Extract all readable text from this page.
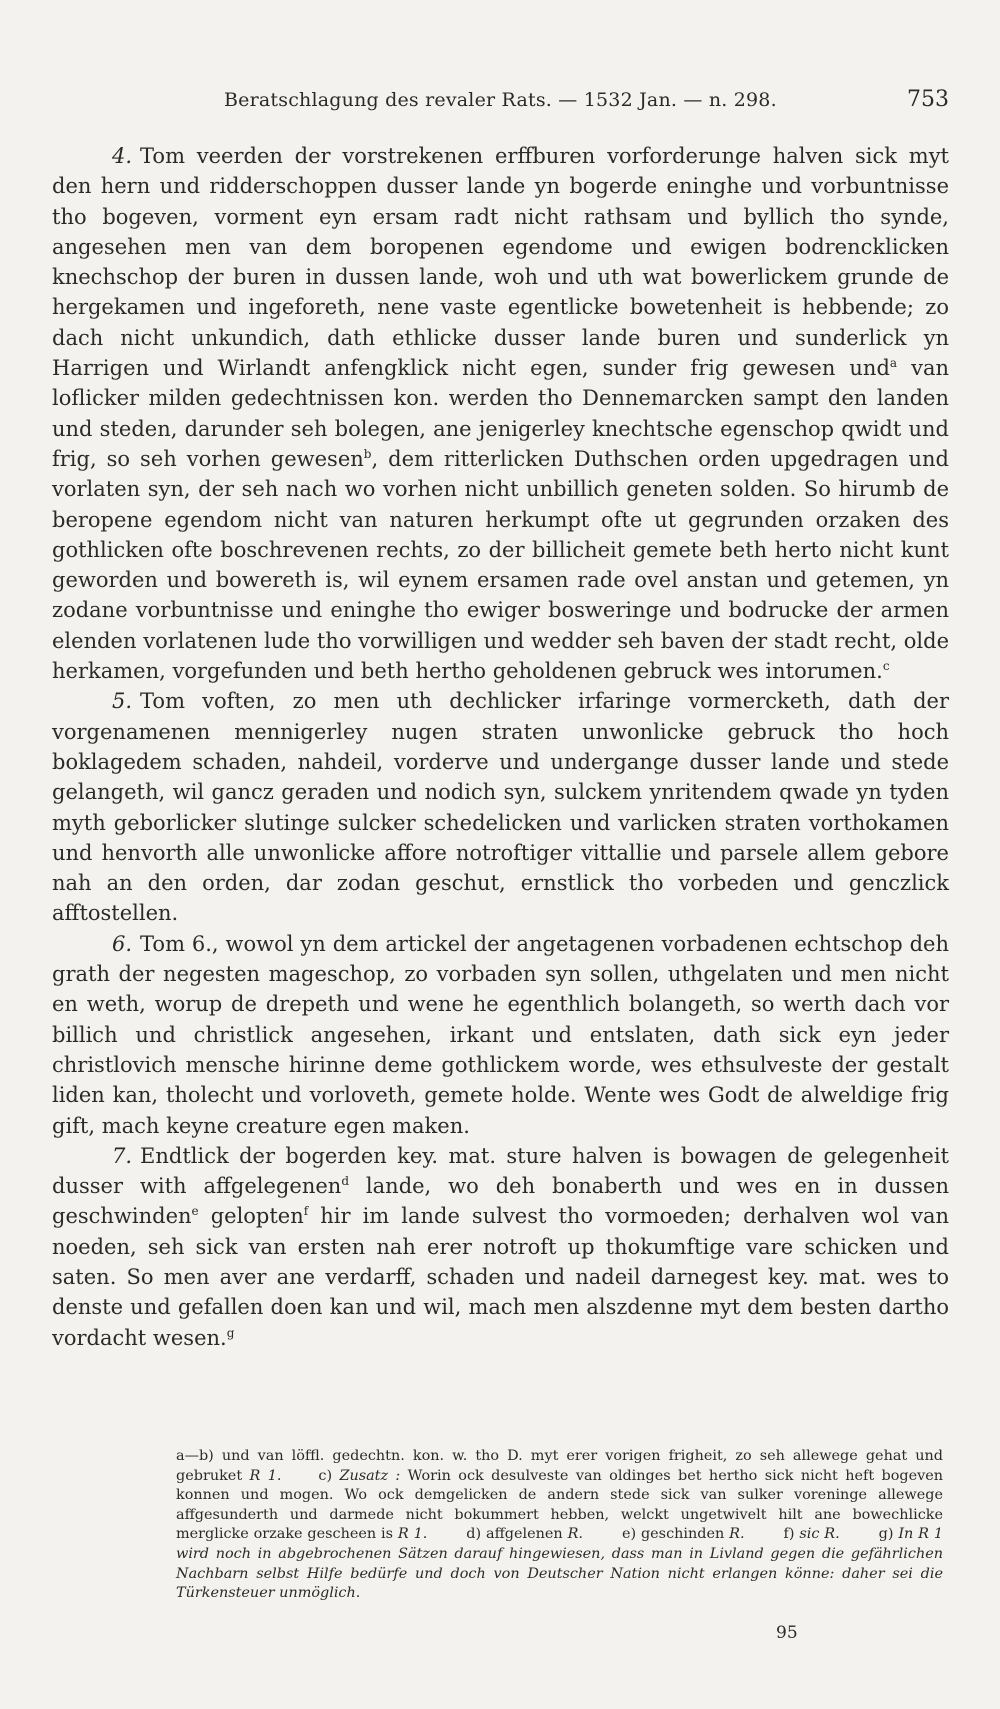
Beratschlagung des revaler Rats. — 1532 Jan. — n. 298.	753

4. Tom veerden der vorstrekenen erffburen vorforderunge halven sick myt den hern und ridderschoppen dusser lande yn bogerde eninghe und vorbuntnisse tho bogeven, vorment eyn ersam radt nicht rathsam und byllich tho synde, angesehen men van dem boropenen egendome und ewigen bodrencklicken knechschop der buren in dussen lande, woh und uth wat bowerlickem grunde de hergekamen und ingeforeth, nene vaste egentlicke bowetenheit is hebbende; zo dach nicht unkundich, dath ethlicke dusser lande buren und sunderlick yn Harrigen und Wirlandt anfengklick nicht egen, sunder frig gewesen und$^a$ van loflicker milden gedechtnissen kon. werden tho Dennemarcken sampt den landen und steden, darunder seh bolegen, ane jenigerley knechtsche egenschop qwidt und frig, so seh vorhen gewesen$^b$, dem ritterlicken Duthschen orden upgedragen und vorlaten syn, der seh nach wo vorhen nicht unbillich geneten solden. So hirumb de beropene egendom nicht van naturen herkumpt ofte ut gegrunden orzaken des gothlicken ofte boschrevenen rechts, zo der billicheit gemete beth herto nicht kunt geworden und bowereth is, wil eynem ersamen rade ovel anstan und getemen, yn zodane vorbuntnisse und eninghe tho ewiger bosweringe und bodrucke der armen elenden vorlatenen lude tho vorwilligen und wedder seh baven der stadt recht, olde herkamen, vorgefunden und beth hertho geholdenen gebruck wes intorumen.$^c$

5. Tom voften, zo men uth dechlicker irfaringe vormercketh, dath der vorgenamenen mennigerley nugen straten unwonlicke gebruck tho hoch boklagedem schaden, nahdeil, vorderve und undergange dusser lande und stede gelangeth, wil gancz geraden und nodich syn, sulckem ynritendem qwade yn tyden myth geborlicker slutinge sulcker schedelicken und varlicken straten vorthokamen und henvorth alle unwonlicke affore notroftiger vittallie und parsele allem gebore nah an den orden, dar zodan geschut, ernstlick tho vorbeden und genczlick afftostellen.

6. Tom 6., wowol yn dem artickel der angetagenen vorbadenen echtschop deh grath der negesten mageschop, zo vorbaden syn sollen, uthgelaten und men nicht en weth, worup de drepeth und wene he egenthlich bolangeth, so werth dach vor billich und christlick angesehen, irkant und entslaten, dath sick eyn jeder christlovich mensche hirinne deme gothlickem worde, wes ethsulveste der gestalt liden kan, tholecht und vorloveth, gemete holde. Wente wes Godt de alweldige frig gift, mach keyne creature egen maken.

7. Endtlick der bogerden key. mat. sture halven is bowagen de gelegenheit dusser with affgelegenen$^d$ lande, wo deh bonaberth und wes en in dussen geschwinden$^e$ gelopten$^f$ hir im lande sulvest tho vormoeden; derhalven wol van noeden, seh sick van ersten nah erer notroft up thokumftige vare schicken und saten. So men aver ane verdarff, schaden und nadeil darnegest key. mat. wes to denste und gefallen doen kan und wil, mach men alszdenne myt dem besten dartho vordacht wesen.$^g$

a—b) und van löffl. gedechtn. kon. w. tho D. myt erer vorigen frigheit, zo seh allewege gehat und gebruket R 1.	c) Zusatz : Worin ock desulveste van oldinges bet hertho sick nicht heft bogeven konnen und mogen. Wo ock demgelicken de andern stede sick van sulker voreninge allewege affgesunderth und darmede nicht bokummert hebben, welckt ungetwivelt hilt ane bowechlicke merglicke orzake gescheen is R 1.	d) affgelenen R.	e) geschinden R.	f) sic R.	g) In R 1 wird noch in abgebrochenen Sätzen darauf hingewiesen, dass man in Livland gegen die gefährlichen Nachbarn selbst Hilfe bedürfe und doch von Deutscher Nation nicht erlangen könne: daher sei die Türkensteuer unmöglich.

95
